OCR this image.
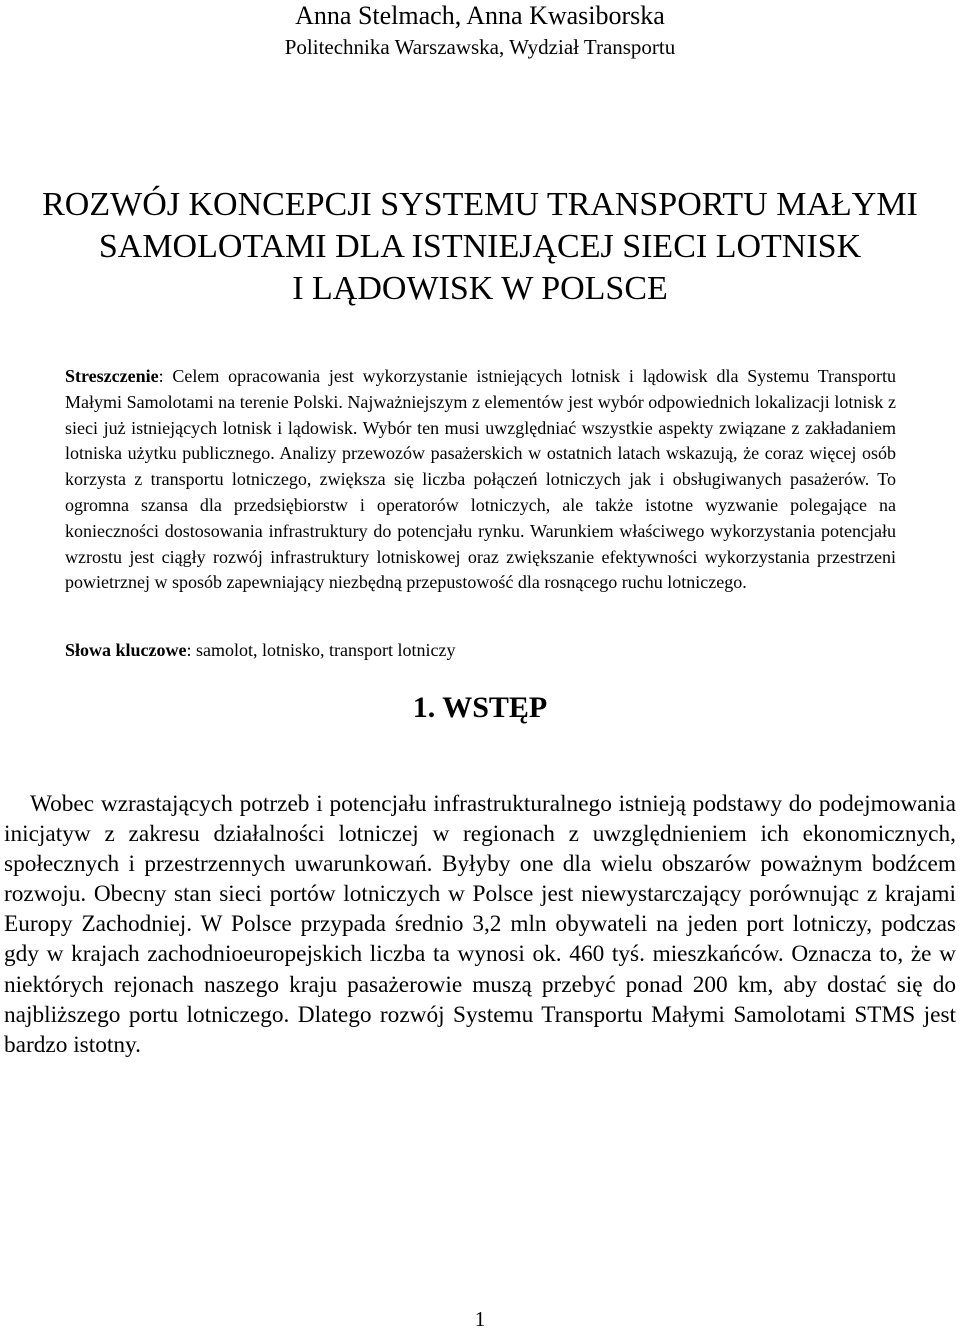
Anna Stelmach, Anna Kwasiborska
Politechnika Warszawska, Wydział Transportu
ROZWÓJ KONCEPCJI SYSTEMU TRANSPORTU MAŁYMI
SAMOLOTAMI DLA ISTNIEJĄCEJ SIECI LOTNISK
I LĄDOWISK W POLSCE

Streszczenie: Celem opracowania jest wykorzystanie istniejących lotnisk i lądowisk dla Systemu Transportu Małymi Samolotami na terenie Polski. Najważniejszym z elementów jest wybór odpowiednich lokalizacji lotnisk z sieci już istniejących lotnisk i lądowisk. Wybór ten musi uwzględniać wszystkie aspekty związane z zakładaniem lotniska użytku publicznego. Analizy przewozów pasażerskich w ostatnich latach wskazują, że coraz więcej osób korzysta z transportu lotniczego, zwiększa się liczba połączeń lotniczych jak i obsługiwanych pasażerów. To ogromna szansa dla przedsiębiorstw i operatorów lotniczych, ale także istotne wyzwanie polegające na konieczności dostosowania infrastruktury do potencjału rynku. Warunkiem właściwego wykorzystania potencjału wzrostu jest ciągły rozwój infrastruktury lotniskowej oraz zwiększanie efektywności wykorzystania przestrzeni powietrznej w sposób zapewniający niezbędną przepustowość dla rosnącego ruchu lotniczego.

Słowa kluczowe: samolot, lotnisko, transport lotniczy

1. WSTĘP

Wobec wzrastających potrzeb i potencjału infrastrukturalnego istnieją podstawy do podejmowania inicjatyw z zakresu działalności lotniczej w regionach z uwzględnieniem ich ekonomicznych, społecznych i przestrzennych uwarunkowań. Byłyby one dla wielu obszarów poważnym bodźcem rozwoju. Obecny stan sieci portów lotniczych w Polsce jest niewystarczający porównując z krajami Europy Zachodniej. W Polsce przypada średnio 3,2 mln obywateli na jeden port lotniczy, podczas gdy w krajach zachodnioeuropejskich liczba ta wynosi ok. 460 tyś. mieszkańców. Oznacza to, że w niektórych rejonach naszego kraju pasażerowie muszą przebyć ponad 200 km, aby dostać się do najbliższego portu lotniczego. Dlatego rozwój Systemu Transportu Małymi Samolotami STMS jest bardzo istotny.

1
